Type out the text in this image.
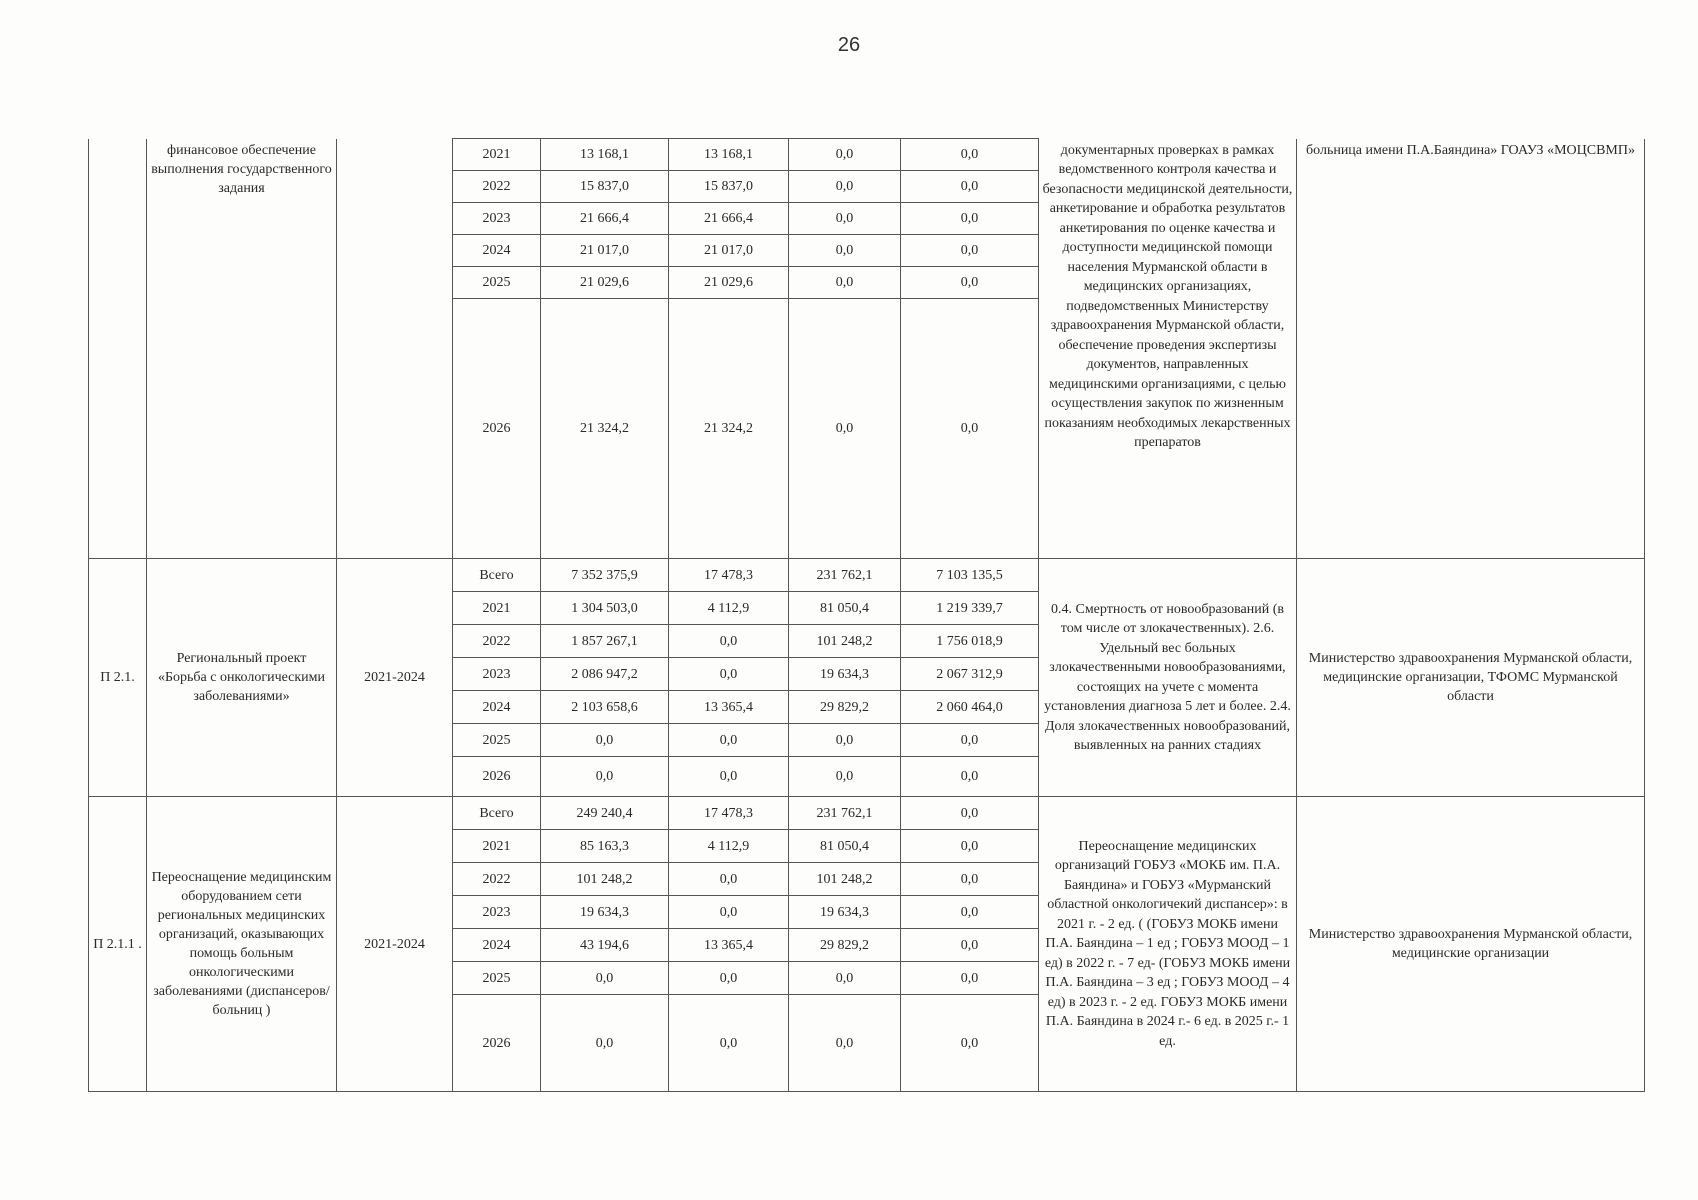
26
	финансовое обеспечение выполнения государственного задания		2021	13 168,1	13 168,1	0,0	0,0	документарных проверках в рамках ведомственного контроля качества и безопасности медицинской деятельности, анкетирование и обработка результатов анкетирования по оценке качества и доступности медицинской помощи населения Мурманской области в медицинских организациях, подведомственных Министерству здравоохранения Мурманской области, обеспечение проведения экспертизы документов, направленных медицинскими организациями, с целью осуществления закупок по жизненным показаниям необходимых лекарственных препаратов	больница имени П.А.Баяндина» ГОАУЗ «МОЦСВМП»
			2022	15 837,0	15 837,0	0,0	0,0		
			2023	21 666,4	21 666,4	0,0	0,0		
			2024	21 017,0	21 017,0	0,0	0,0		
			2025	21 029,6	21 029,6	0,0	0,0		
			2026	21 324,2	21 324,2	0,0	0,0		
П 2.1.	Региональный проект «Борьба с онкологическими заболеваниями»	2021-2024	Всего	7 352 375,9	17 478,3	231 762,1	7 103 135,5	0.4. Смертность от новообразований (в том числе от злокачественных). 2.6. Удельный вес больных злокачественными новообразованиями, состоящих на учете с момента установления диагноза 5 лет и более. 2.4. Доля злокачественных новообразований, выявленных на ранних стадиях	Министерство здравоохранения Мурманской области, медицинские организации, ТФОМС Мурманской области
			2021	1 304 503,0	4 112,9	81 050,4	1 219 339,7		
			2022	1 857 267,1	0,0	101 248,2	1 756 018,9		
			2023	2 086 947,2	0,0	19 634,3	2 067 312,9		
			2024	2 103 658,6	13 365,4	29 829,2	2 060 464,0		
			2025	0,0	0,0	0,0	0,0		
			2026	0,0	0,0	0,0	0,0		
П 2.1.1 .	Переоснащение медицинским оборудованием сети региональных медицинских организаций, оказывающих помощь больным онкологическими заболеваниями (диспансеров/больниц )	2021-2024	Всего	249 240,4	17 478,3	231 762,1	0,0	Переоснащение медицинских организаций ГОБУЗ «МОКБ им. П.А. Баяндина» и ГОБУЗ «Мурманский областной онкологичекий диспансер»: в 2021 г. - 2 ед. ( (ГОБУЗ МОКБ имени П.А. Баяндина – 1 ед ; ГОБУЗ МООД – 1 ед) в 2022 г. - 7 ед- (ГОБУЗ МОКБ имени П.А. Баяндина – 3 ед ; ГОБУЗ МООД – 4 ед) в 2023 г. - 2 ед. ГОБУЗ МОКБ имени П.А. Баяндина в 2024 г.- 6 ед. в 2025 г.- 1 ед.	Министерство здравоохранения Мурманской области, медицинские организации
			2021	85 163,3	4 112,9	81 050,4	0,0		
			2022	101 248,2	0,0	101 248,2	0,0		
			2023	19 634,3	0,0	19 634,3	0,0		
			2024	43 194,6	13 365,4	29 829,2	0,0		
			2025	0,0	0,0	0,0	0,0		
			2026	0,0	0,0	0,0	0,0		
